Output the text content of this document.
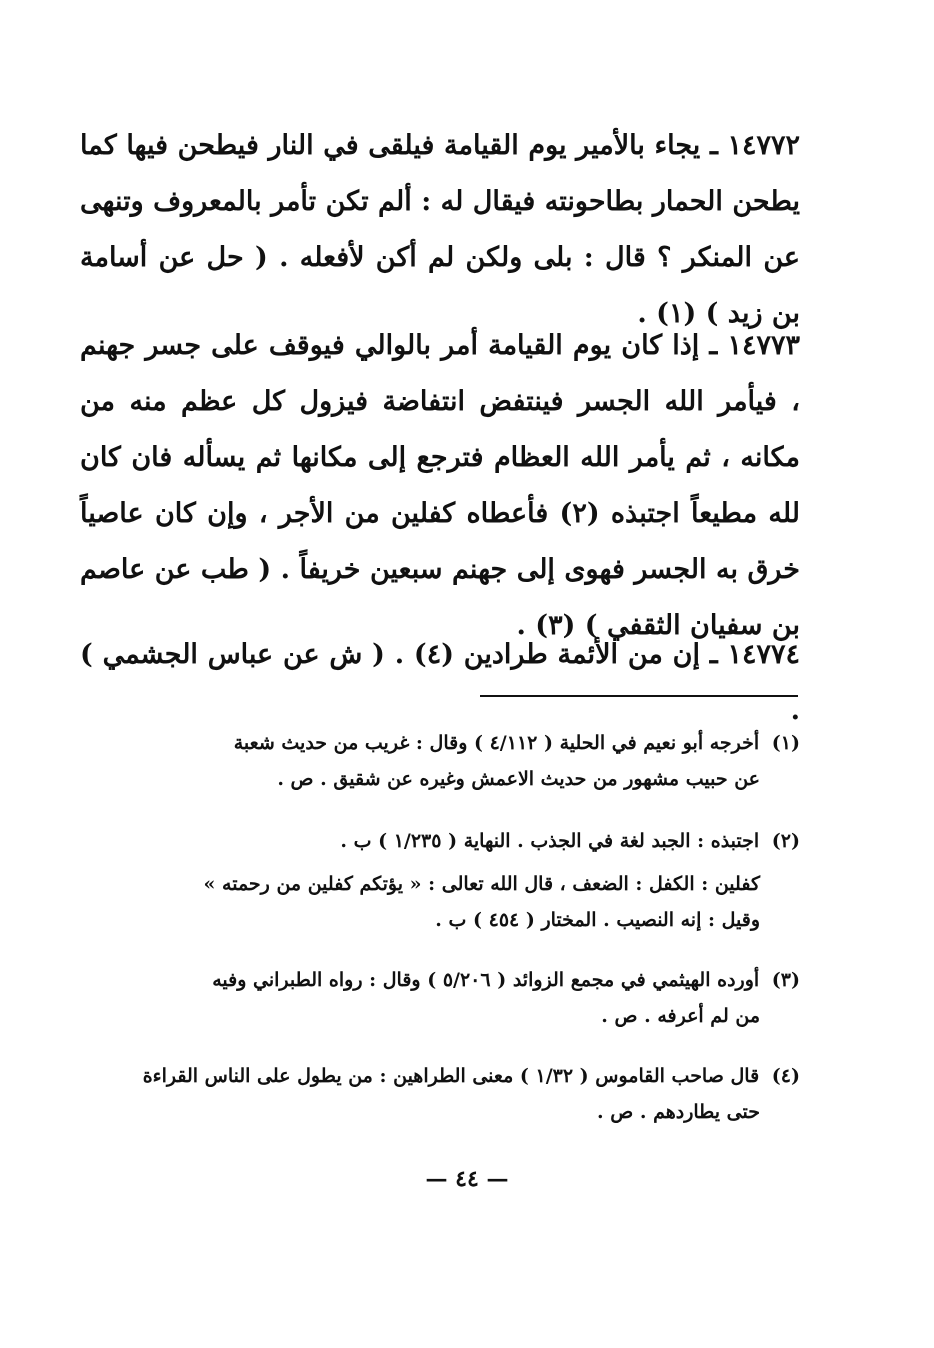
١٤٧٧٢ ـ يجاء بالأمير يوم القيامة فيلقى في النار فيطحن فيها كما يطحن الحمار بطاحونته فيقال له : ألم تكن تأمر بالمعروف وتنهى عن المنكر ؟ قال : بلى ولكن لم أكن لأفعله . ( حل عن أسامة بن زيد ) (١) .

١٤٧٧٣ ـ إذا كان يوم القيامة أمر بالوالي فيوقف على جسر جهنم ، فيأمر الله الجسر فينتفض انتفاضة فيزول كل عظم منه من مكانه ، ثم يأمر الله العظام فترجع إلى مكانها ثم يسأله فان كان لله مطيعاً اجتبذه (٢) فأعطاه كفلين من الأجر ، وإن كان عاصياً خرق به الجسر فهوى إلى جهنم سبعين خريفاً . ( طب عن عاصم بن سفيان الثقفي ) (٣) .

١٤٧٧٤ ـ إن من الأئمة طرادين (٤) . ( ش عن عباس الجشمي ) .

(١) أخرجه أبو نعيم في الحلية ( ٤/١١٢ ) وقال : غريب من حديث شعبة

عن حبيب مشهور من حديث الاعمش وغيره عن شقيق . ص .

(٢) اجتبذه : الجبد لغة في الجذب . النهاية ( ١/٢٣٥ ) ب .

كفلين : الكفل : الضعف ، قال الله تعالى : « يؤتكم كفلين من رحمته »

وقيل : إنه النصيب . المختار ( ٤٥٤ ) ب .

(٣) أورده الهيثمي في مجمع الزوائد ( ٥/٢٠٦ ) وقال : رواه الطبراني وفيه

من لم أعرفه . ص .

(٤) قال صاحب القاموس ( ١/٣٢ ) معنى الطراهين : من يطول على الناس القراءة

حتى يطاردهم . ص .

— ٤٤ —
